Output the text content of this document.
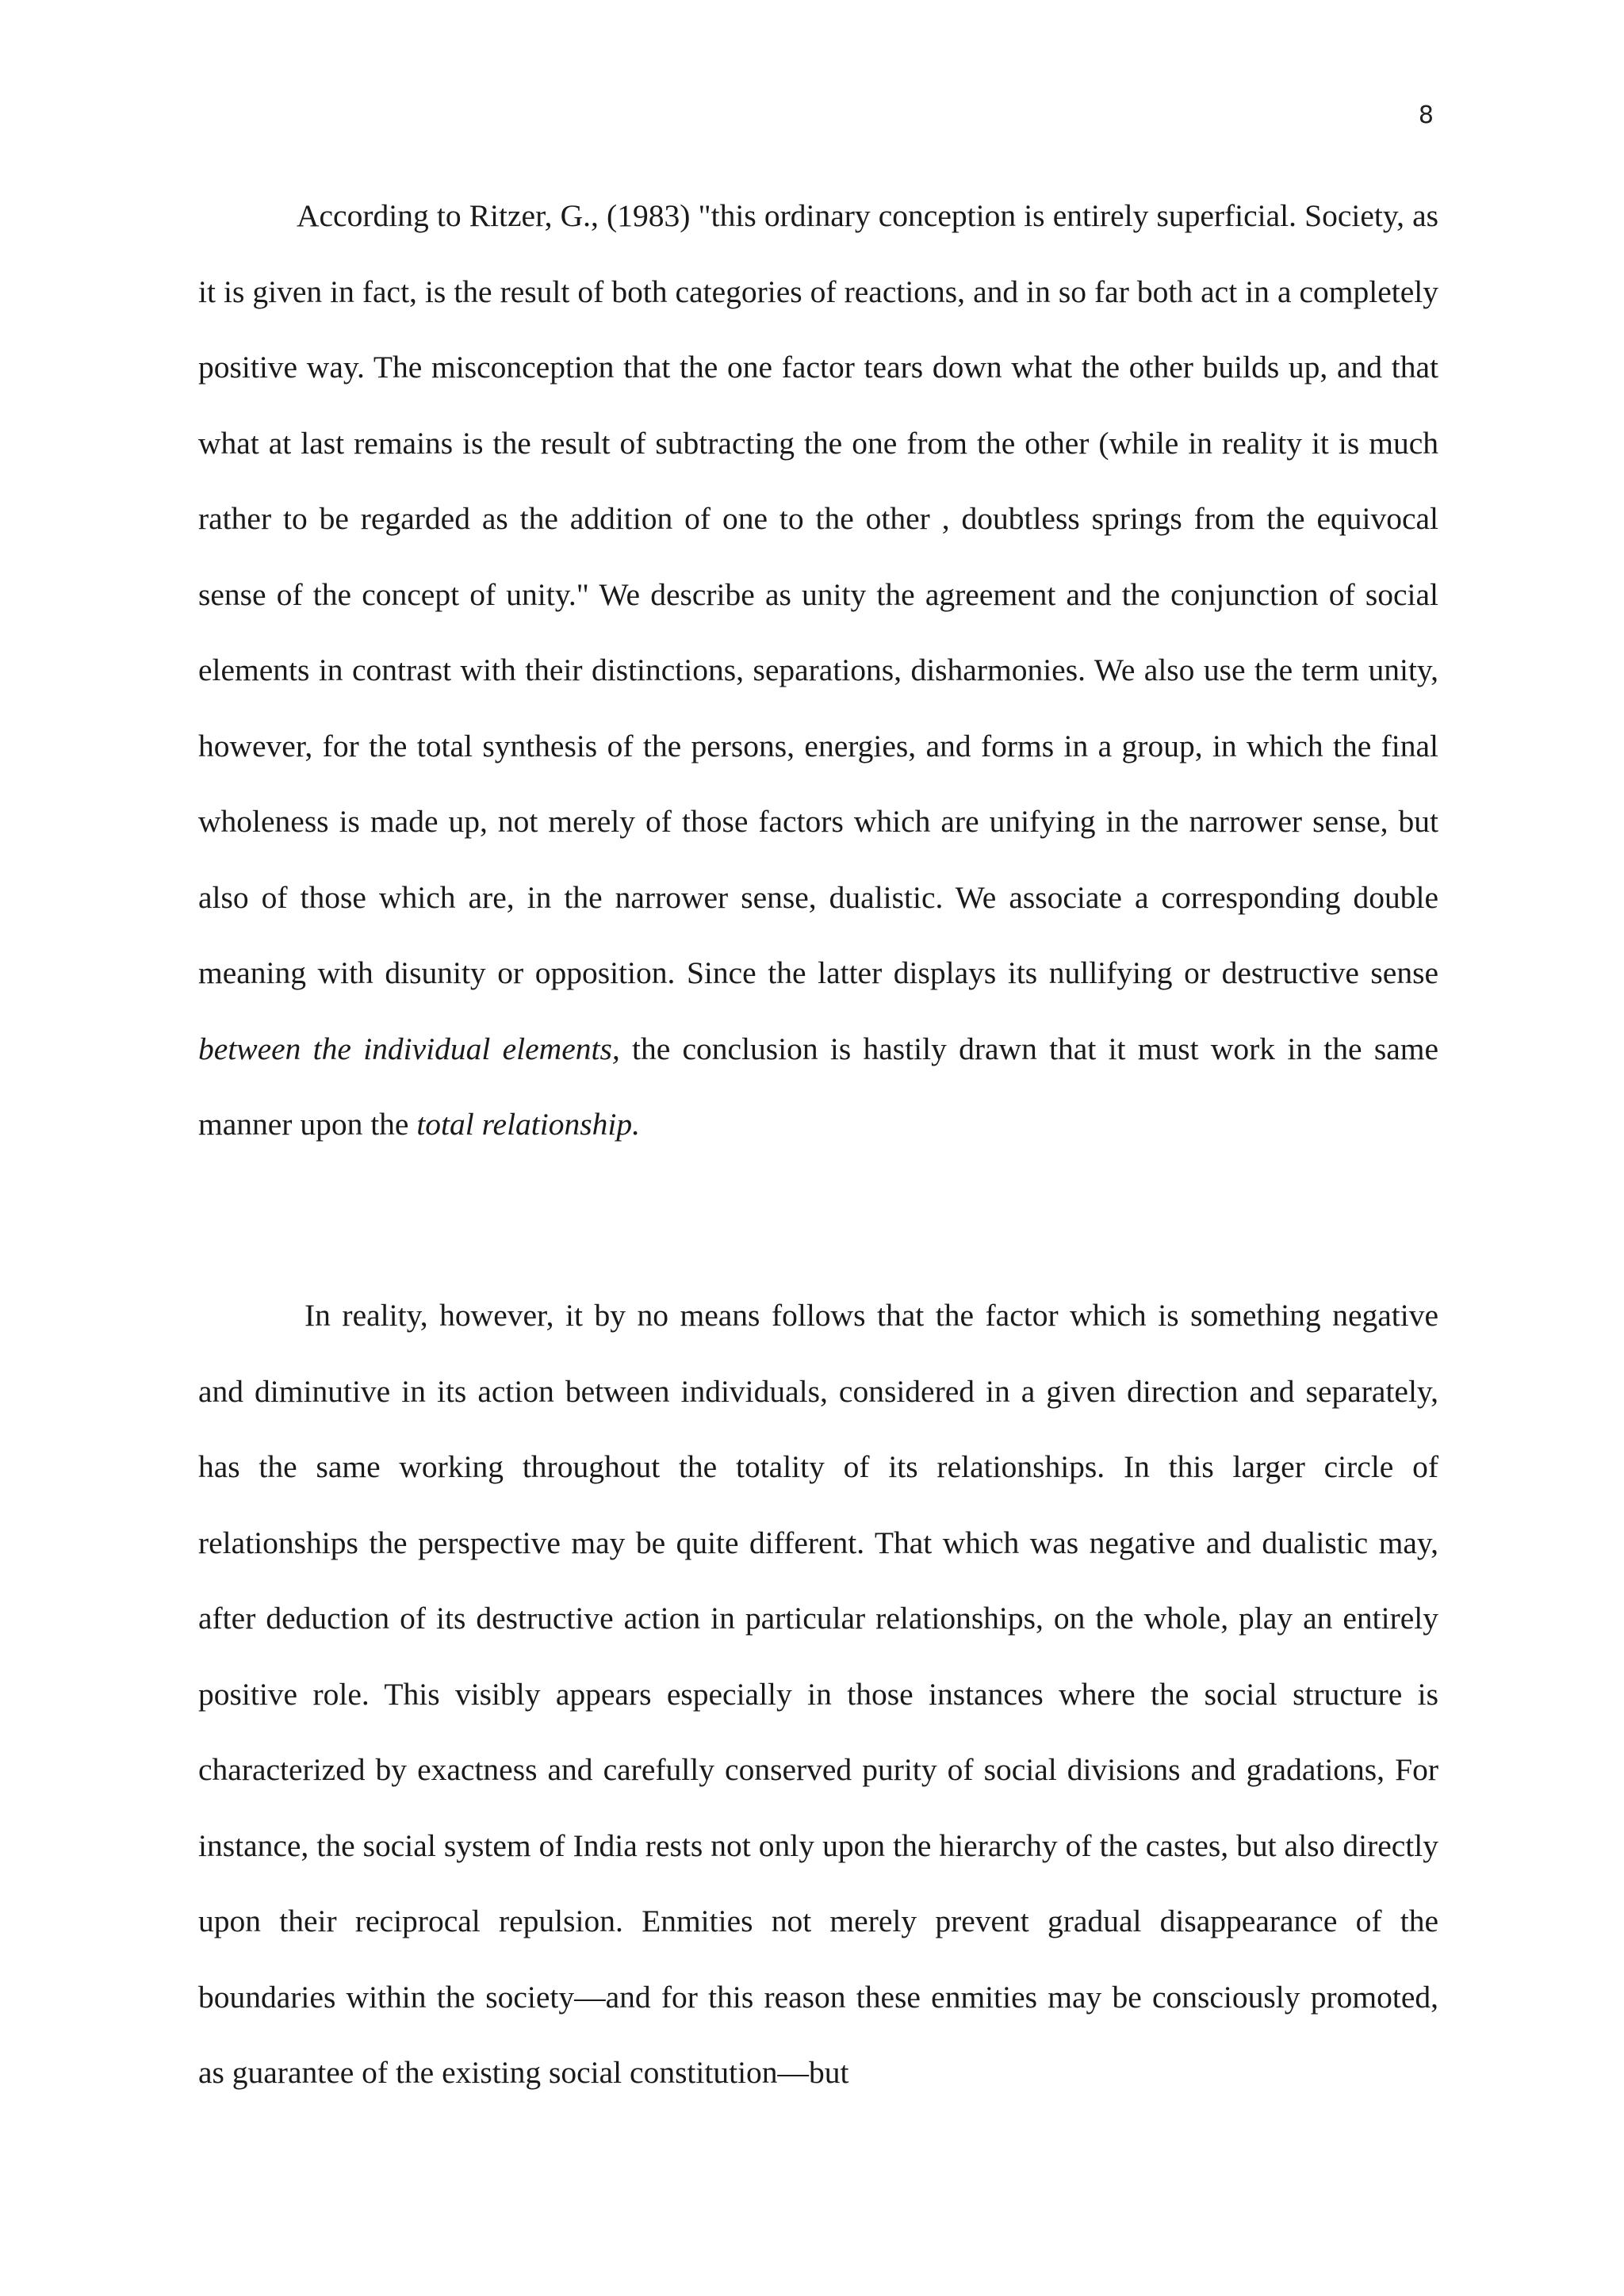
8

According to Ritzer, G., (1983) "this ordinary conception is entirely superficial. Society, as it is given in fact, is the result of both categories of reactions, and in so far both act in a completely positive way. The misconception that the one factor tears down what the other builds up, and that what at last remains is the result of subtracting the one from the other (while in reality it is much rather to be regarded as the addition of one to the other , doubtless springs from the equivocal sense of the concept of unity." We describe as unity the agreement and the conjunction of social elements in contrast with their distinctions, separations, disharmonies. We also use the term unity, however, for the total synthesis of the persons, energies, and forms in a group, in which the final wholeness is made up, not merely of those factors which are unifying in the narrower sense, but also of those which are, in the narrower sense, dualistic. We associate a corresponding double meaning with disunity or opposition. Since the latter displays its nullifying or destructive sense between the individual elements, the conclusion is hastily drawn that it must work in the same manner upon the total relationship.

In reality, however, it by no means follows that the factor which is something negative and diminutive in its action between individuals, considered in a given direction and separately, has the same working throughout the totality of its relationships. In this larger circle of relationships the perspective may be quite different. That which was negative and dualistic may, after deduction of its destructive action in particular relationships, on the whole, play an entirely positive role. This visibly appears especially in those instances where the social structure is characterized by exactness and carefully conserved purity of social divisions and gradations, For instance, the social system of India rests not only upon the hierarchy of the castes, but also directly upon their reciprocal repulsion. Enmities not merely prevent gradual disappearance of the boundaries within the society—and for this reason these enmities may be consciously promoted, as guarantee of the existing social constitution—but
